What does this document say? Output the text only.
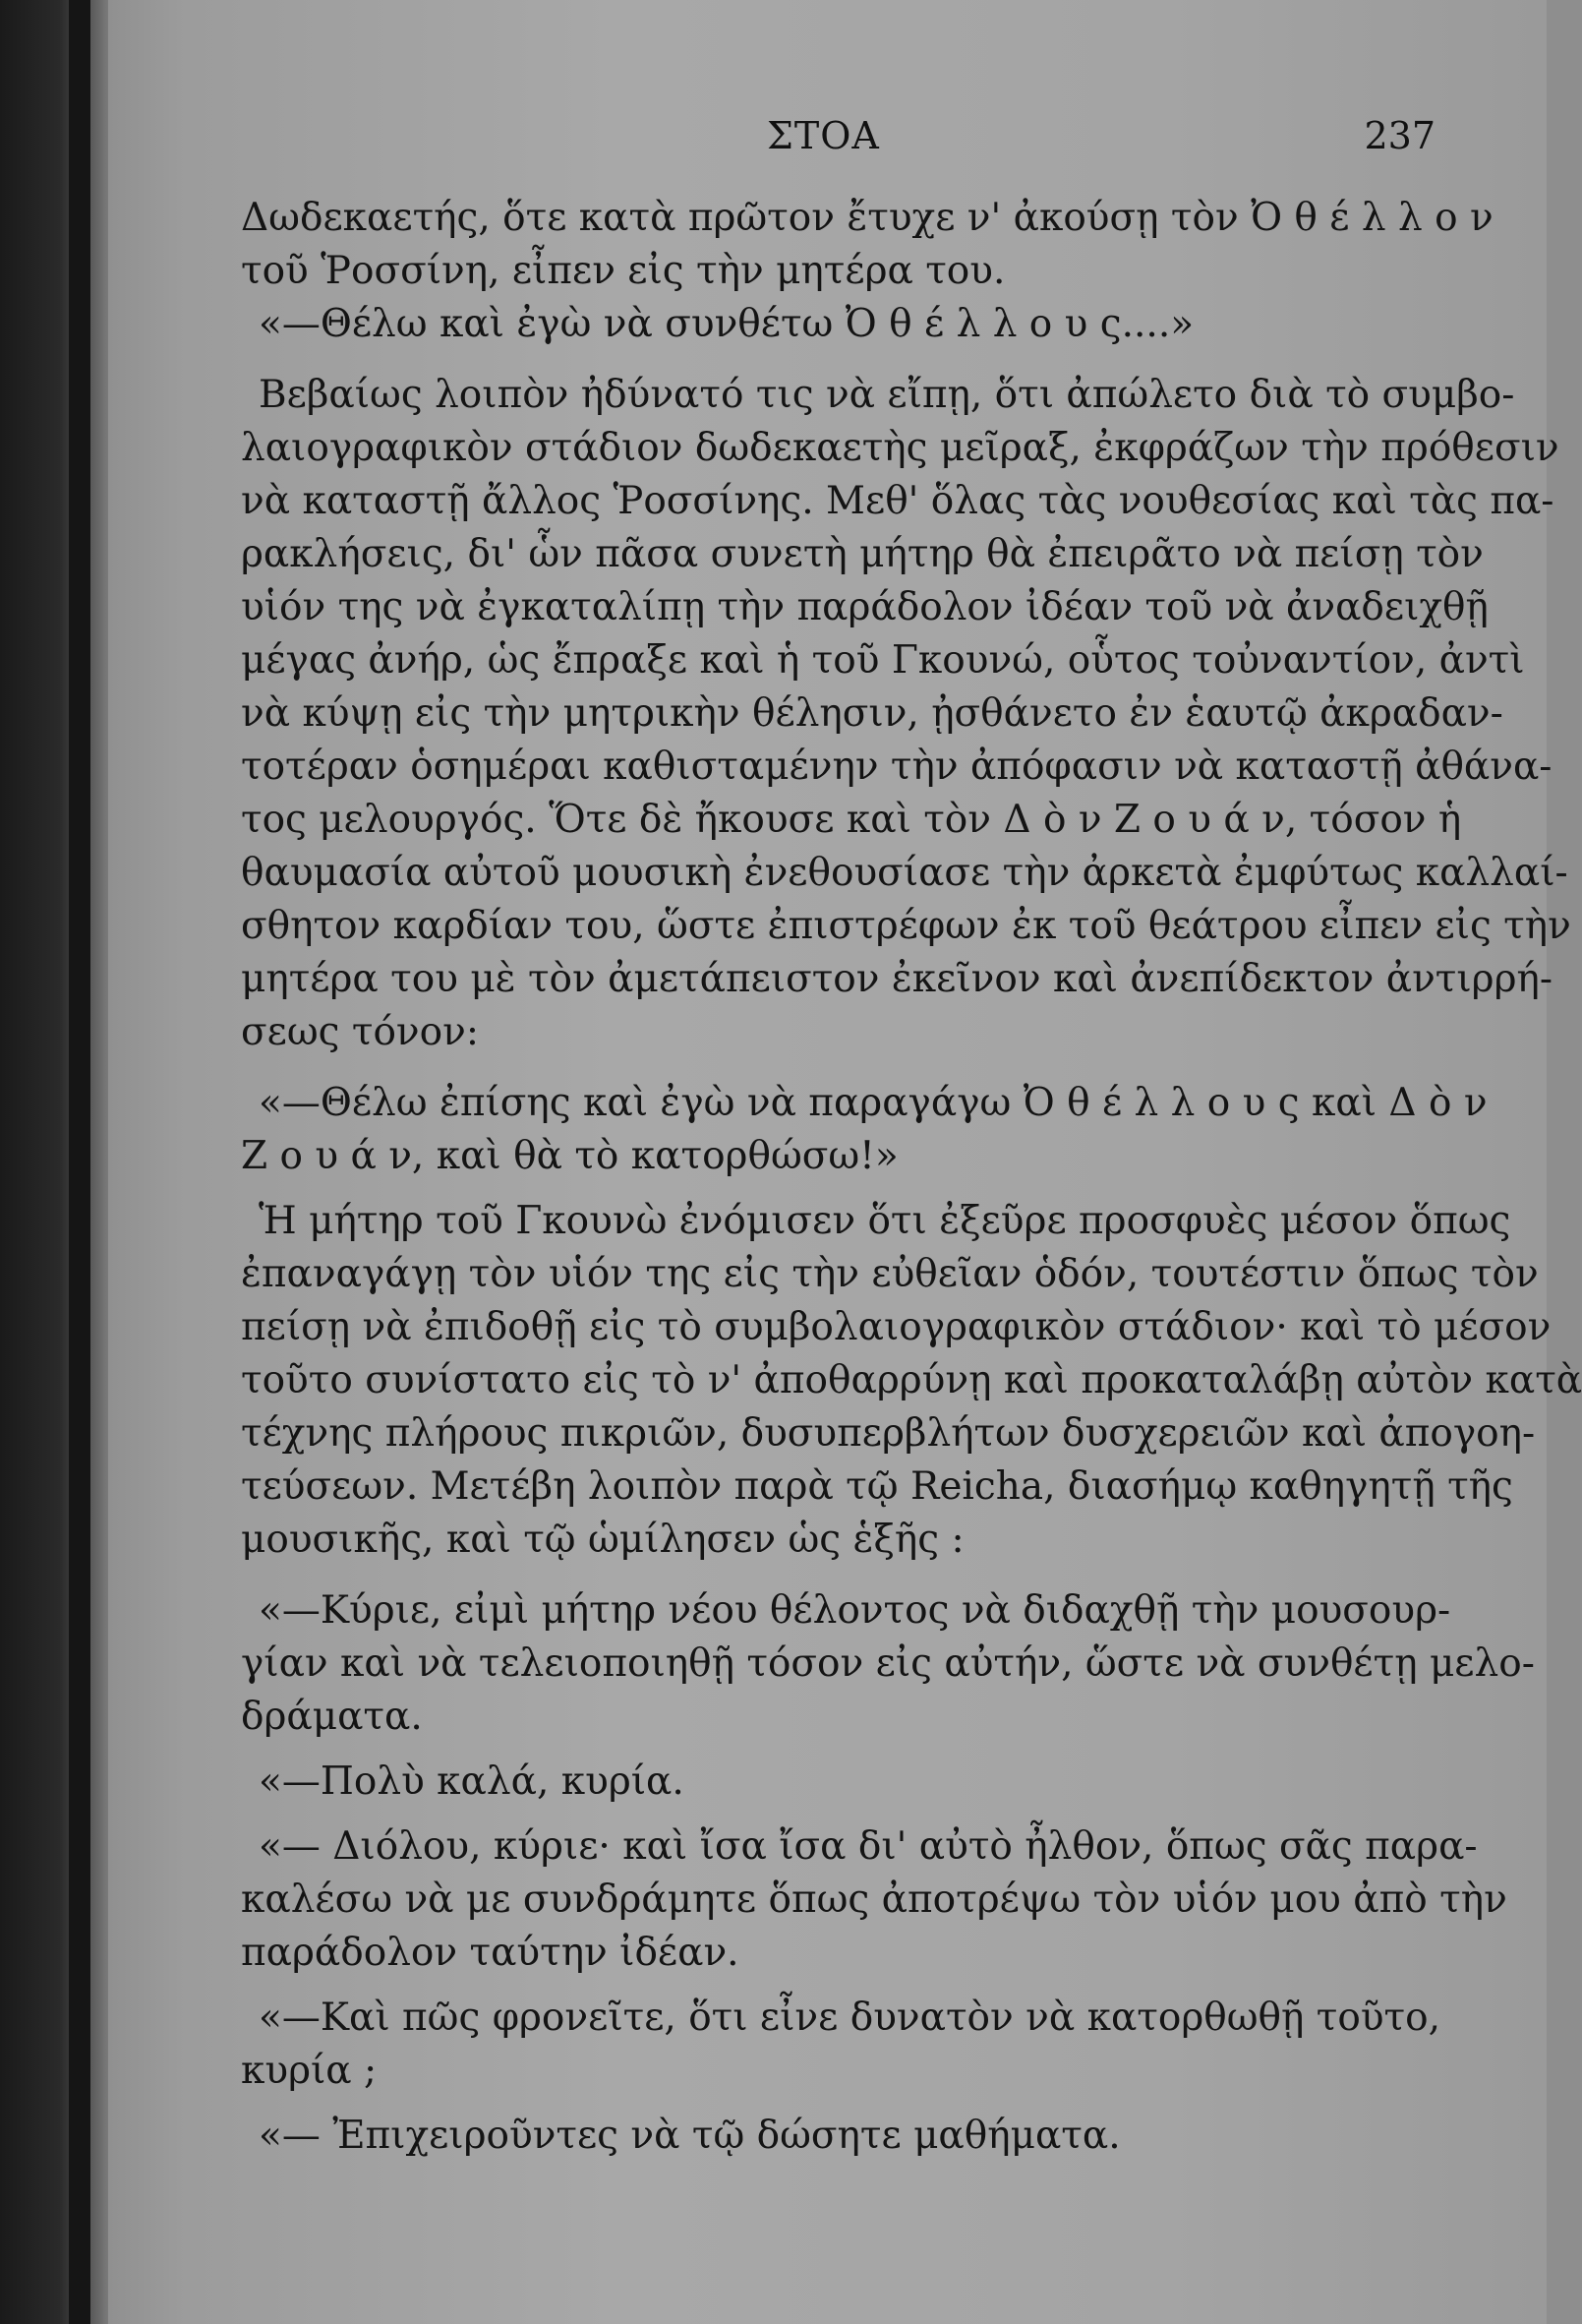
ΣΤΟΑ	237
Δωδεκαετής, ὅτε κατὰ πρῶτον ἔτυχε ν' ἀκούσῃ τὸν Ὀ θ έ λ λ ο ν
τοῦ Ῥοσσίνη, εἶπεν εἰς τὴν μητέρα του.
«—Θέλω καὶ ἐγὼ νὰ συνθέτω Ὀ θ έ λ λ ο υ ς....»
Βεβαίως λοιπὸν ἠδύνατό τις νὰ εἴπῃ, ὅτι ἀπώλετο διὰ τὸ συμβο-
λαιογραφικὸν στάδιον δωδεκαετὴς μεῖραξ, ἐκφράζων τὴν πρόθεσιν
νὰ καταστῇ ἄλλος Ῥοσσίνης. Μεθ' ὅλας τὰς νουθεσίας καὶ τὰς πα-
ρακλήσεις, δι' ὧν πᾶσα συνετὴ μήτηρ θὰ ἐπειρᾶτο νὰ πείσῃ τὸν
υἱόν της νὰ ἐγκαταλίπῃ τὴν παράδολον ἰδέαν τοῦ νὰ ἀναδειχθῇ
μέγας ἀνήρ, ὡς ἔπραξε καὶ ἡ τοῦ Γκουνώ, οὗτος τοὐναντίον, ἀντὶ
νὰ κύψῃ εἰς τὴν μητρικὴν θέλησιν, ᾐσθάνετο ἐν ἑαυτῷ ἀκραδαν-
τοτέραν ὁσημέραι καθισταμένην τὴν ἀπόφασιν νὰ καταστῇ ἀθάνα-
τος μελουργός. Ὅτε δὲ ἤκουσε καὶ τὸν Δ ὸ ν Ζ ο υ ά ν, τόσον ἡ
θαυμασία αὐτοῦ μουσικὴ ἐνεθουσίασε τὴν ἀρκετὰ ἐμφύτως καλλαί-
σθητον καρδίαν του, ὥστε ἐπιστρέφων ἐκ τοῦ θεάτρου εἶπεν εἰς τὴν
μητέρα του μὲ τὸν ἀμετάπειστον ἐκεῖνον καὶ ἀνεπίδεκτον ἀντιρρή-
σεως τόνον:
«—Θέλω ἐπίσης καὶ ἐγὼ νὰ παραγάγω Ὀ θ έ λ λ ο υ ς καὶ Δ ὸ ν
Ζ ο υ ά ν, καὶ θὰ τὸ κατορθώσω!»
Ἡ μήτηρ τοῦ Γκουνὼ ἐνόμισεν ὅτι ἐξεῦρε προσφυὲς μέσον ὅπως
ἐπαναγάγῃ τὸν υἱόν της εἰς τὴν εὐθεῖαν ὁδόν, τουτέστιν ὅπως τὸν
πείσῃ νὰ ἐπιδοθῇ εἰς τὸ συμβολαιογραφικὸν στάδιον· καὶ τὸ μέσον
τοῦτο συνίστατο εἰς τὸ ν' ἀποθαρρύνῃ καὶ προκαταλάβῃ αὐτὸν κατὰ
τέχνης πλήρους πικριῶν, δυσυπερβλήτων δυσχερειῶν καὶ ἀπογοη-
τεύσεων. Μετέβη λοιπὸν παρὰ τῷ Reicha, διασήμῳ καθηγητῇ τῆς
μουσικῆς, καὶ τῷ ὡμίλησεν ὡς ἑξῆς :
«—Κύριε, εἰμὶ μήτηρ νέου θέλοντος νὰ διδαχθῇ τὴν μουσουρ-
γίαν καὶ νὰ τελειοποιηθῇ τόσον εἰς αὐτήν, ὥστε νὰ συνθέτῃ μελο-
δράματα.
«—Πολὺ καλά, κυρία.
«— Διόλου, κύριε· καὶ ἴσα ἴσα δι' αὐτὸ ἦλθον, ὅπως σᾶς παρα-
καλέσω νὰ με συνδράμητε ὅπως ἀποτρέψω τὸν υἱόν μου ἀπὸ τὴν
παράδολον ταύτην ἰδέαν.
«—Καὶ πῶς φρονεῖτε, ὅτι εἶνε δυνατὸν νὰ κατορθωθῇ τοῦτο,
κυρία ;
«— Ἐπιχειροῦντες νὰ τῷ δώσητε μαθήματα.
